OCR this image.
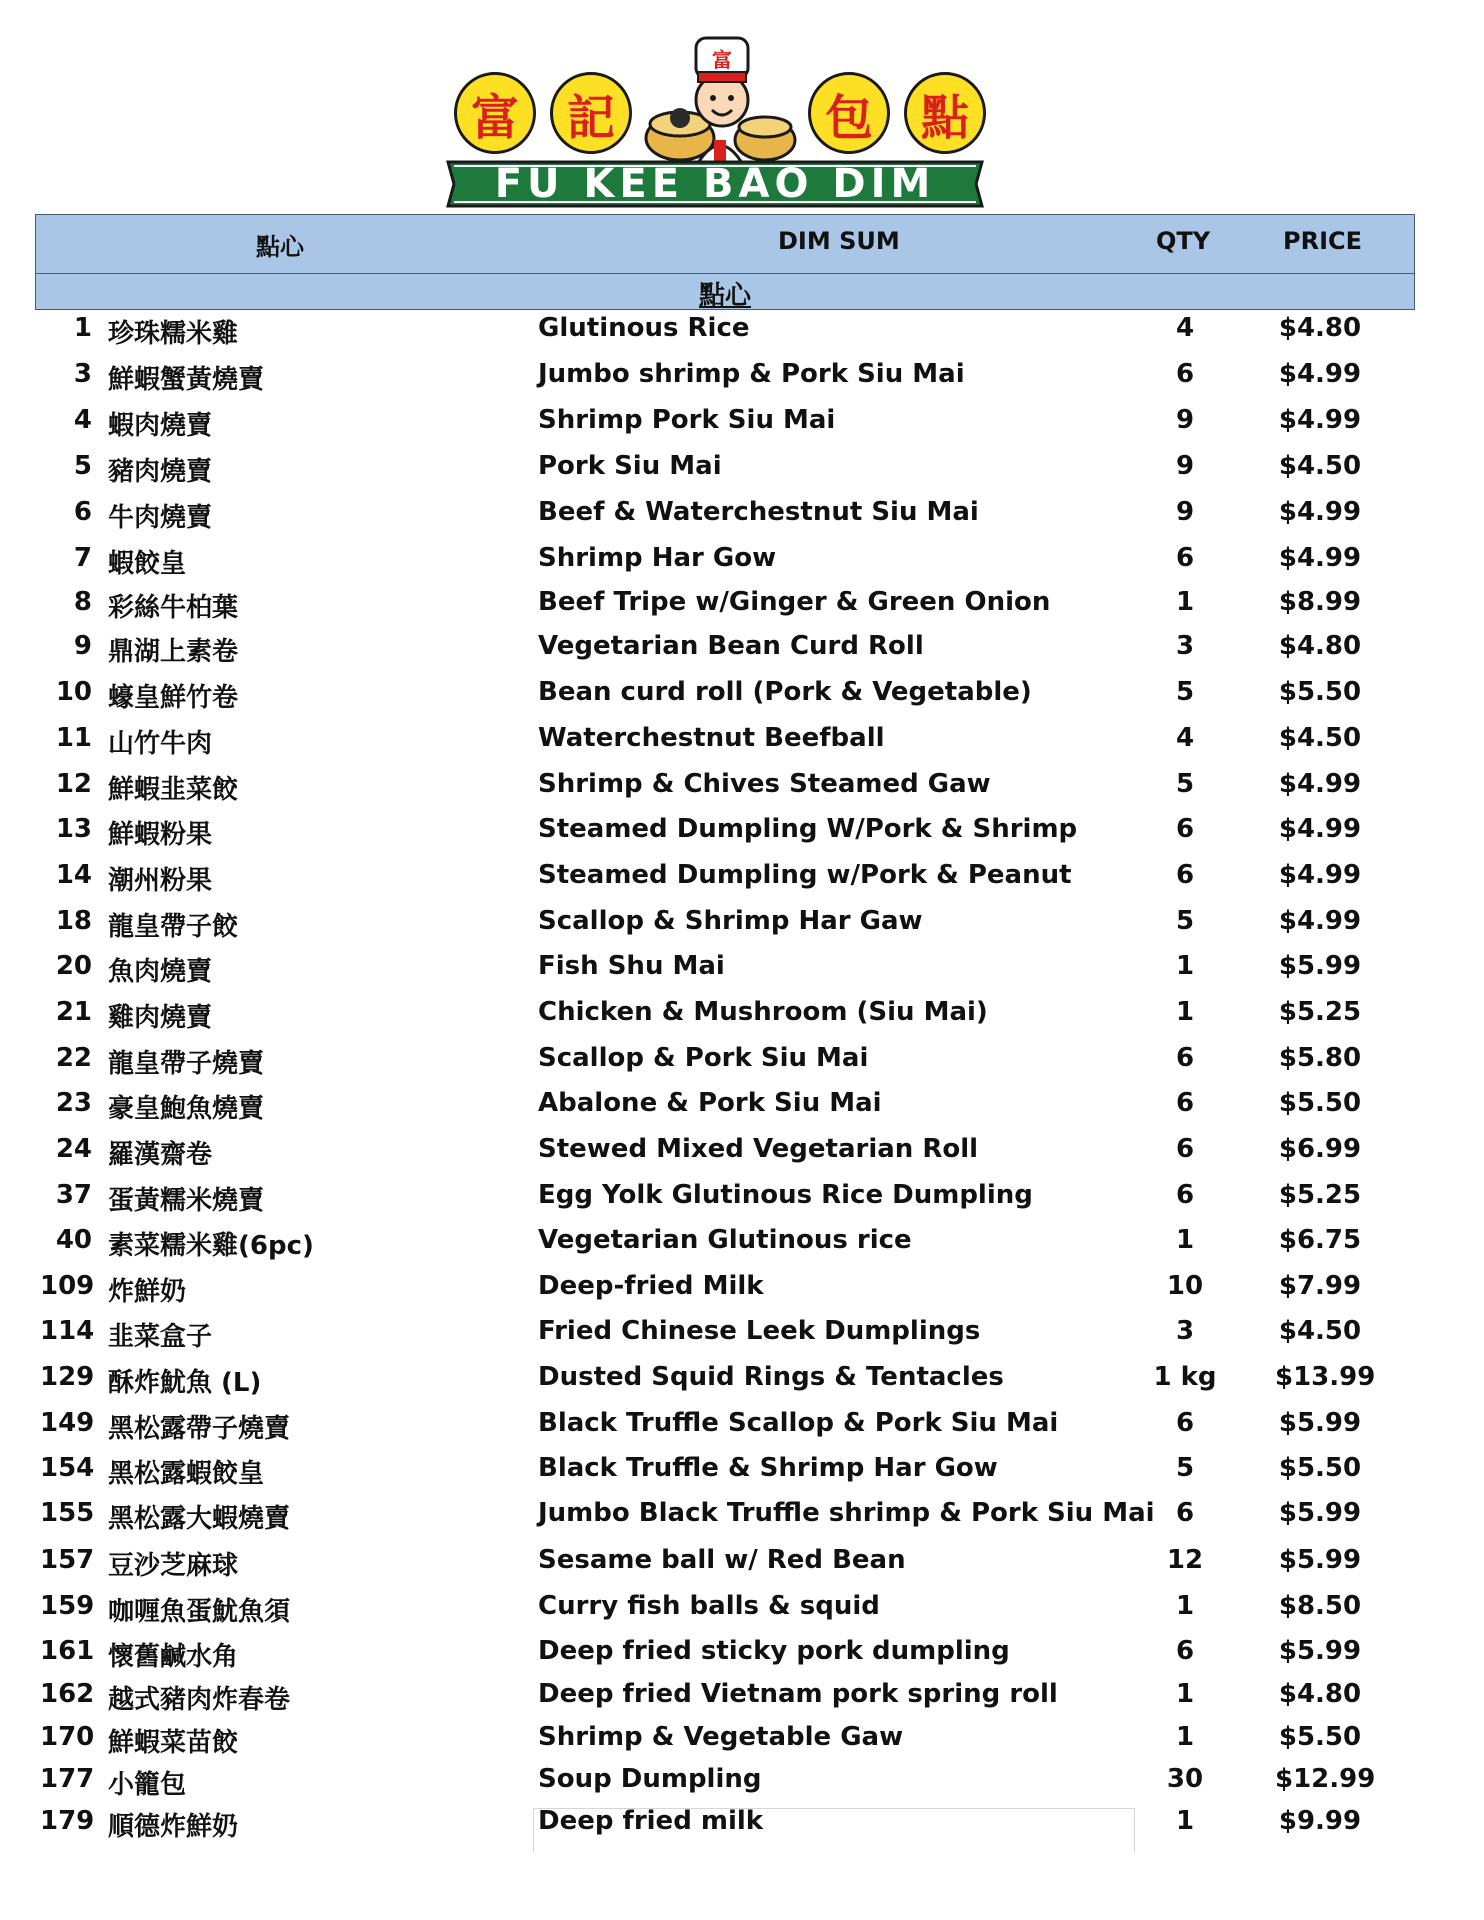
富 記	包 點
富
FU KEE BAO DIM
點心	DIM SUM	QTY	PRICE
點心
1 珍珠糯米雞	Glutinous Rice	4	$4.80
3 鮮蝦蟹黃燒賣	Jumbo shrimp & Pork Siu Mai	6	$4.99
4 蝦肉燒賣	Shrimp Pork Siu Mai	9	$4.99
5 豬肉燒賣	Pork Siu Mai	9	$4.50
6 牛肉燒賣	Beef & Waterchestnut Siu Mai	9	$4.99
7 蝦餃皇	Shrimp Har Gow	6	$4.99
8 彩絲牛柏葉	Beef Tripe w/Ginger & Green Onion	1	$8.99
9 鼎湖上素卷	Vegetarian Bean Curd Roll	3	$4.80
10 蠔皇鮮竹卷	Bean curd roll (Pork & Vegetable)	5	$5.50
11 山竹牛肉	Waterchestnut Beefball	4	$4.50
12 鮮蝦韭菜餃	Shrimp & Chives Steamed Gaw	5	$4.99
13 鮮蝦粉果	Steamed Dumpling W/Pork & Shrimp	6	$4.99
14 潮州粉果	Steamed Dumpling w/Pork & Peanut	6	$4.99
18 龍皇帶子餃	Scallop & Shrimp Har Gaw	5	$4.99
20 魚肉燒賣	Fish Shu Mai	1	$5.99
21 雞肉燒賣	Chicken & Mushroom (Siu Mai)	1	$5.25
22 龍皇帶子燒賣	Scallop & Pork Siu Mai	6	$5.80
23 豪皇鮑魚燒賣	Abalone & Pork Siu Mai	6	$5.50
24 羅漢齋卷	Stewed Mixed Vegetarian Roll	6	$6.99
37 蛋黃糯米燒賣	Egg Yolk Glutinous Rice Dumpling	6	$5.25
40 素菜糯米雞(6pc)	Vegetarian Glutinous rice	1	$6.75
109 炸鮮奶	Deep-fried Milk	10	$7.99
114 韭菜盒子	Fried Chinese Leek Dumplings	3	$4.50
129 酥炸魷魚 (L)	Dusted Squid Rings & Tentacles	1 kg	$13.99
149 黑松露帶子燒賣	Black Truffle Scallop & Pork Siu Mai	6	$5.99
154 黑松露蝦餃皇	Black Truffle & Shrimp Har Gow	5	$5.50
155 黑松露大蝦燒賣	Jumbo Black Truffle shrimp & Pork Siu Mai 6	$5.99
157 豆沙芝麻球	Sesame ball w/ Red Bean	12	$5.99
159 咖喱魚蛋魷魚須	Curry fish balls & squid	1	$8.50
161 懷舊鹹水角	Deep fried sticky pork dumpling	6	$5.99
162 越式豬肉炸春卷	Deep fried Vietnam pork spring roll	1	$4.80
170 鮮蝦菜苗餃	Shrimp & Vegetable Gaw	1	$5.50
177 小籠包	Soup Dumpling	30	$12.99
179 順德炸鮮奶	Deep fried milk	1	$9.99
